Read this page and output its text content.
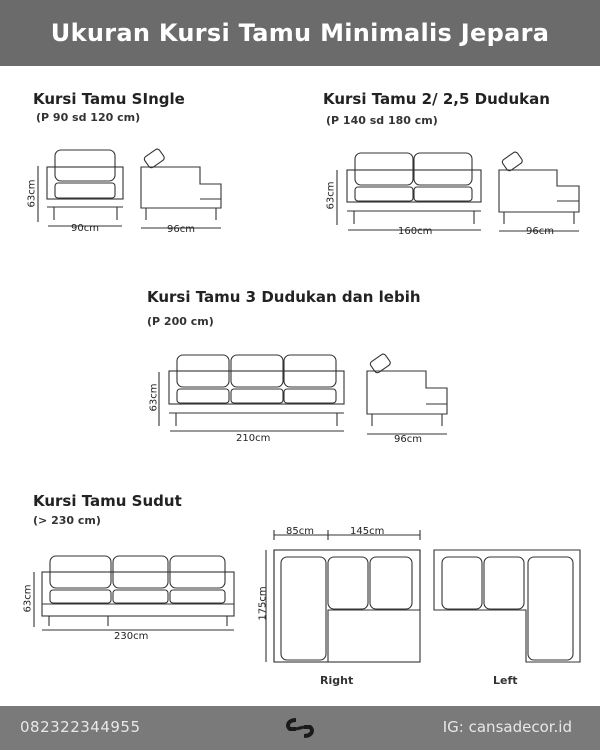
Ukuran Kursi Tamu Minimalis Jepara
Kursi Tamu SIngle
(P 90 sd 120 cm)
Kursi Tamu 2/ 2,5 Dudukan
(P 140 sd 180 cm)
Kursi Tamu 3 Dudukan dan lebih
(P 200 cm)
Kursi Tamu Sudut
(> 230 cm)
63cm
90cm	96cm
63cm
160cm	96cm
63cm
210cm	96cm
63cm
230cm
85cm	145cm
175cm
Right	Left
082322344955	IG: cansadecor.id
